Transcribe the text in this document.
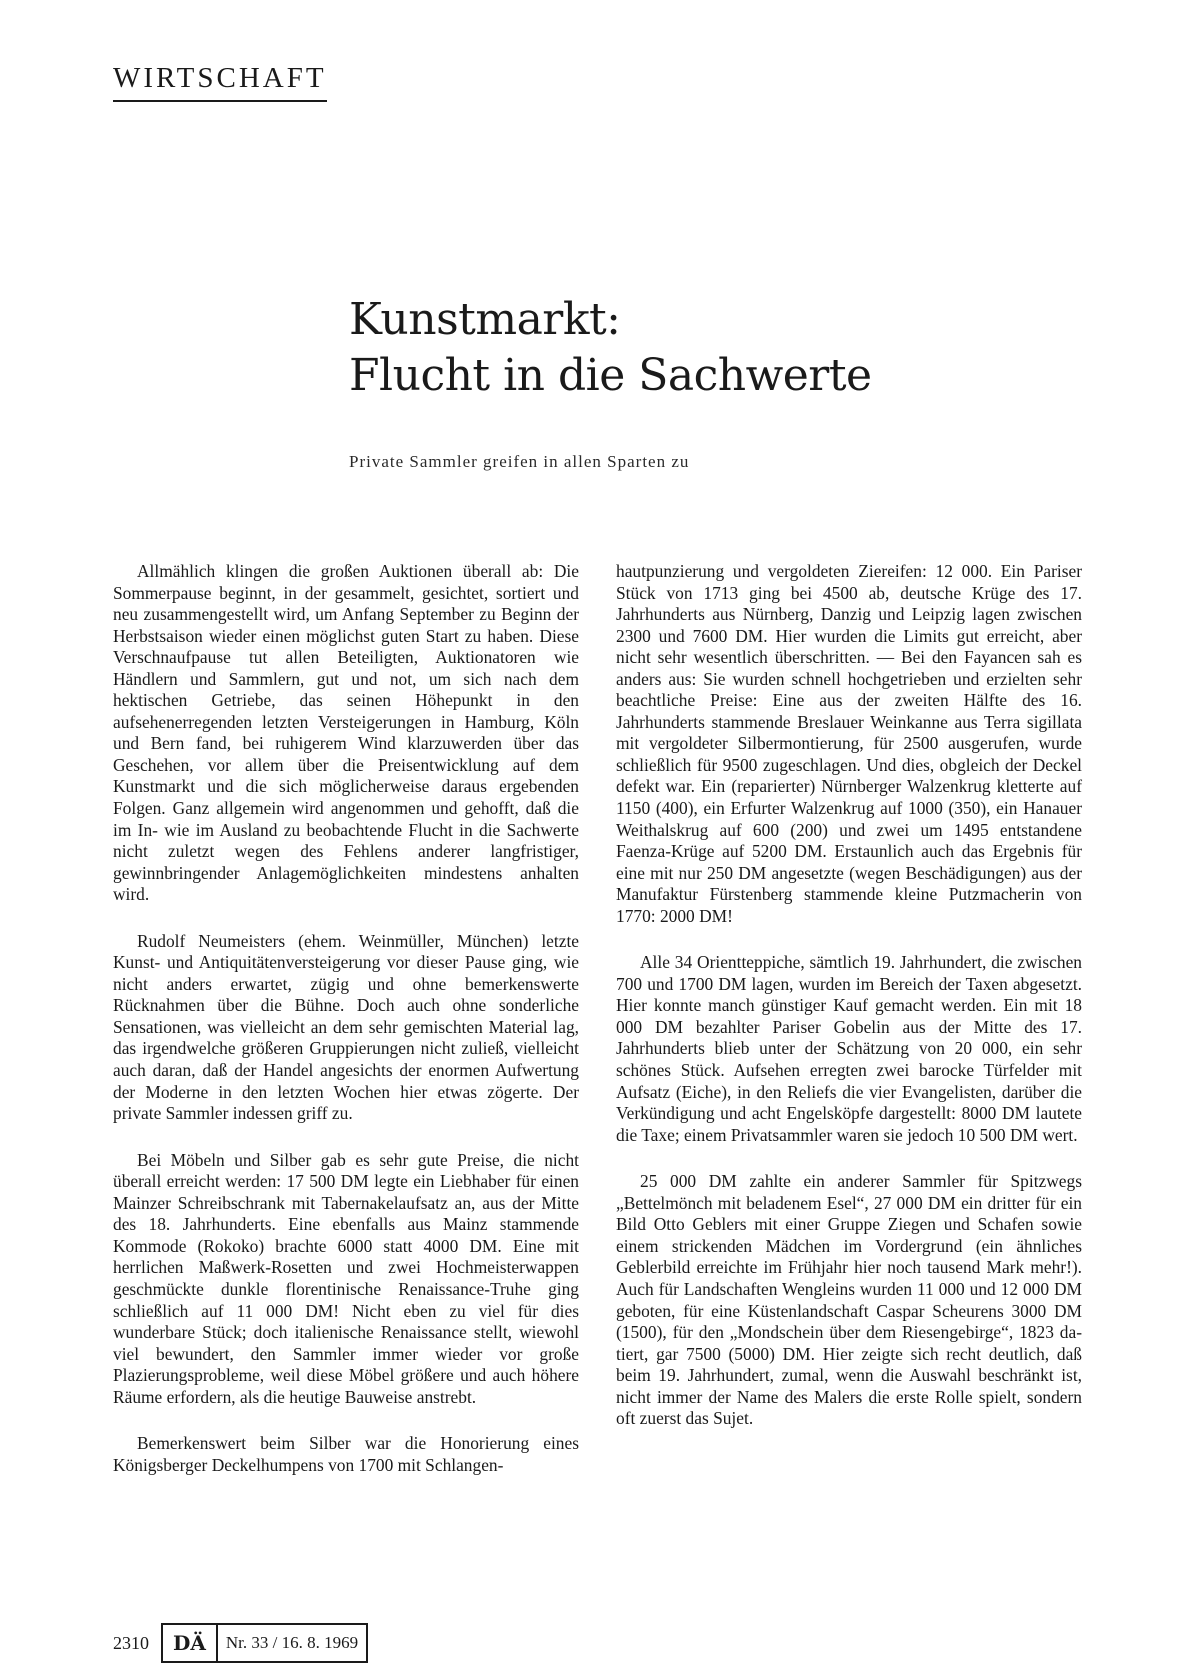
WIRTSCHAFT
Kunstmarkt:
Flucht in die Sachwerte
Private Sammler greifen in allen Sparten zu

Allmählich klingen die großen Auktionen überall ab: Die Sommerpause beginnt, in der gesammelt, gesichtet, sortiert und neu zusammengestellt wird, um Anfang September zu Beginn der Herbstsaison wieder einen möglichst guten Start zu haben. Diese Verschnaufpause tut allen Beteiligten, Auktionatoren wie Händlern und Sammlern, gut und not, um sich nach dem hektischen Getriebe, das seinen Höhepunkt in den aufsehenerregenden letzten Versteigerungen in Hamburg, Köln und Bern fand, bei ruhigerem Wind klarzuwerden über das Geschehen, vor allem über die Preisentwicklung auf dem Kunstmarkt und die sich möglicherweise daraus ergebenden Folgen. Ganz allgemein wird angenommen und gehofft, daß die im In- wie im Ausland zu beobachtende Flucht in die Sachwerte nicht zuletzt wegen des Fehlens anderer langfristiger, gewinnbringender Anlagemöglichkeiten mindestens anhalten wird.

Rudolf Neumeisters (ehem. Weinmüller, München) letzte Kunst- und Antiquitätenversteigerung vor dieser Pause ging, wie nicht anders erwartet, zügig und ohne bemerkenswerte Rücknahmen über die Bühne. Doch auch ohne sonderliche Sensationen, was vielleicht an dem sehr gemischten Material lag, das irgendwelche größeren Gruppierungen nicht zuließ, vielleicht auch daran, daß der Handel angesichts der enormen Aufwertung der Moderne in den letzten Wochen hier etwas zögerte. Der private Sammler indessen griff zu.

Bei Möbeln und Silber gab es sehr gute Preise, die nicht überall erreicht werden: 17 500 DM legte ein Liebhaber für einen Mainzer Schreibschrank mit Tabernakelaufsatz an, aus der Mitte des 18. Jahrhunderts. Eine ebenfalls aus Mainz stammende Kommode (Rokoko) brachte 6000 statt 4000 DM. Eine mit herrlichen Maßwerk-Rosetten und zwei Hochmeisterwappen geschmückte dunkle florentinische Renaissance-Truhe ging schließlich auf 11 000 DM! Nicht eben zu viel für dies wunderbare Stück; doch italienische Renaissance stellt, wiewohl viel bewundert, den Sammler immer wieder vor große Plazierungsprobleme, weil diese Möbel größere und auch höhere Räume erfordern, als die heutige Bauweise anstrebt.

Bemerkenswert beim Silber war die Honorierung eines Königsberger Deckelhumpens von 1700 mit Schlangen-

hautpunzierung und vergoldeten Ziereifen: 12 000. Ein Pariser Stück von 1713 ging bei 4500 ab, deutsche Krüge des 17. Jahrhunderts aus Nürnberg, Danzig und Leipzig lagen zwischen 2300 und 7600 DM. Hier wurden die Limits gut erreicht, aber nicht sehr wesentlich überschritten. — Bei den Fayancen sah es anders aus: Sie wurden schnell hochgetrieben und erzielten sehr beachtliche Preise: Eine aus der zweiten Hälfte des 16. Jahrhunderts stammende Breslauer Weinkanne aus Terra sigillata mit vergoldeter Silbermontierung, für 2500 ausgerufen, wurde schließlich für 9500 zugeschlagen. Und dies, obgleich der Deckel defekt war. Ein (reparierter) Nürnberger Walzenkrug kletterte auf 1150 (400), ein Erfurter Walzenkrug auf 1000 (350), ein Hanauer Weithalskrug auf 600 (200) und zwei um 1495 entstandene Faenza-Krüge auf 5200 DM. Erstaunlich auch das Ergebnis für eine mit nur 250 DM angesetzte (wegen Beschädigungen) aus der Manufaktur Fürstenberg stammende kleine Putzmacherin von 1770: 2000 DM!

Alle 34 Orientteppiche, sämtlich 19. Jahrhundert, die zwischen 700 und 1700 DM lagen, wurden im Bereich der Taxen abgesetzt. Hier konnte manch günstiger Kauf gemacht werden. Ein mit 18 000 DM bezahlter Pariser Gobelin aus der Mitte des 17. Jahrhunderts blieb unter der Schätzung von 20 000, ein sehr schönes Stück. Aufsehen erregten zwei barocke Türfelder mit Aufsatz (Eiche), in den Reliefs die vier Evangelisten, darüber die Verkündigung und acht Engelsköpfe dargestellt: 8000 DM lautete die Taxe; einem Privatsammler waren sie jedoch 10 500 DM wert.

25 000 DM zahlte ein anderer Sammler für Spitzwegs „Bettelmönch mit beladenem Esel“, 27 000 DM ein dritter für ein Bild Otto Geblers mit einer Gruppe Ziegen und Schafen sowie einem strickenden Mädchen im Vordergrund (ein ähnliches Geblerbild erreichte im Frühjahr hier noch tausend Mark mehr!). Auch für Landschaften Wengleins wurden 11 000 und 12 000 DM geboten, für eine Küstenlandschaft Caspar Scheurens 3000 DM (1500), für den „Mondschein über dem Riesengebirge“, 1823 datiert, gar 7500 (5000) DM. Hier zeigte sich recht deutlich, daß beim 19. Jahrhundert, zumal, wenn die Auswahl beschränkt ist, nicht immer der Name des Malers die erste Rolle spielt, sondern oft zuerst das Sujet.

2310	DÄ	Nr. 33 / 16. 8. 1969
